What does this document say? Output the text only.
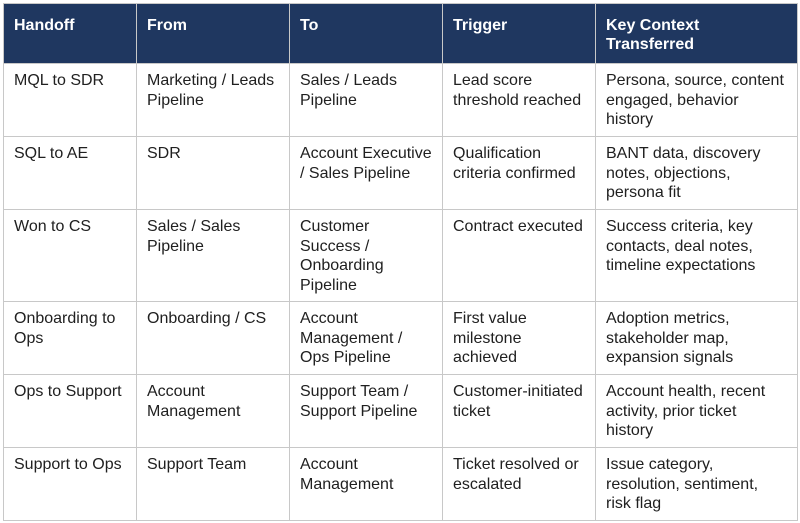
Handoff	From	To	Trigger	Key Context Transferred
MQL to SDR	Marketing / Leads Pipeline	Sales / Leads Pipeline	Lead score threshold reached	Persona, source, content engaged, behavior history
SQL to AE	SDR	Account Executive / Sales Pipeline	Qualification criteria confirmed	BANT data, discovery notes, objections, persona fit
Won to CS	Sales / Sales Pipeline	Customer Success / Onboarding Pipeline	Contract executed	Success criteria, key contacts, deal notes, timeline expectations
Onboarding to Ops	Onboarding / CS	Account Management / Ops Pipeline	First value milestone achieved	Adoption metrics, stakeholder map, expansion signals
Ops to Support	Account Management	Support Team / Support Pipeline	Customer-initiated ticket	Account health, recent activity, prior ticket history
Support to Ops	Support Team	Account Management	Ticket resolved or escalated	Issue category, resolution, sentiment, risk flag
